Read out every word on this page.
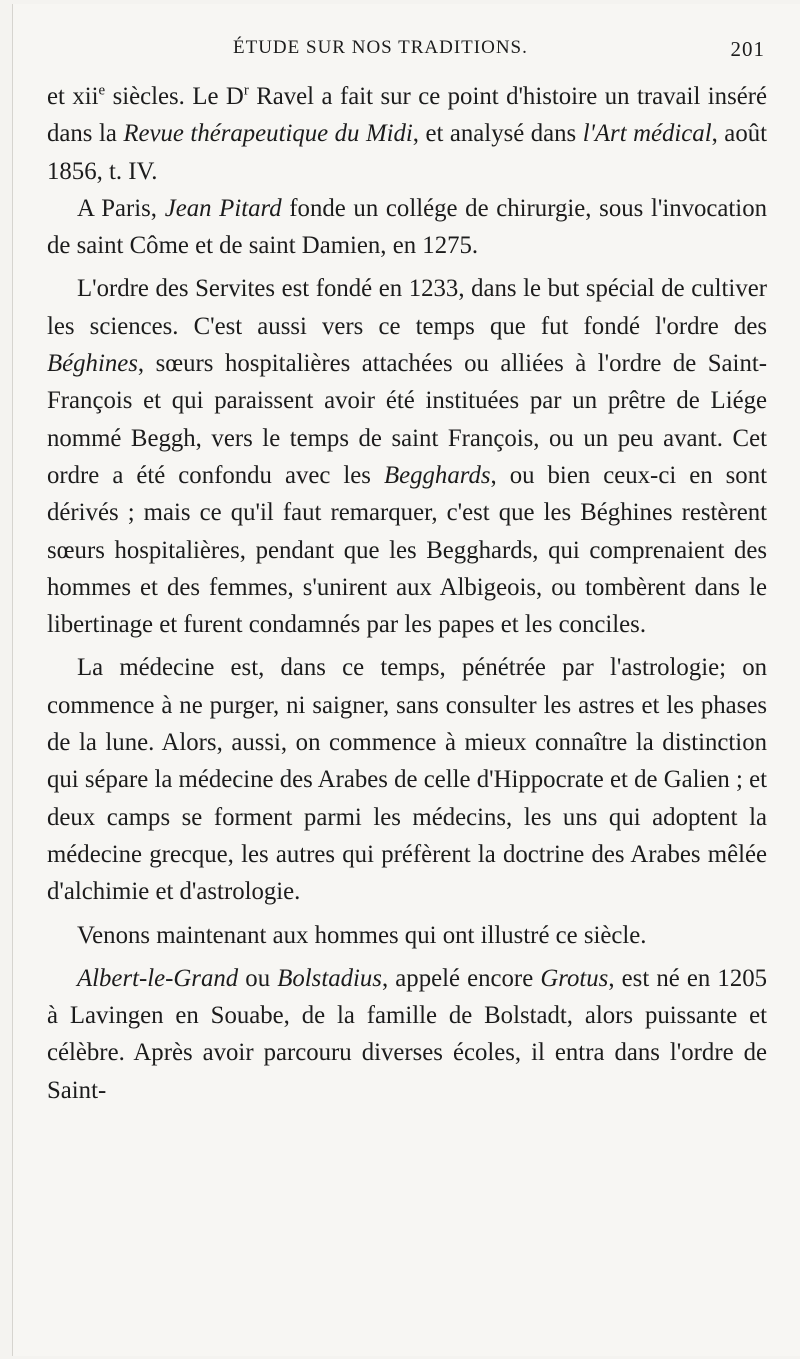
ÉTUDE SUR NOS TRADITIONS.	201

et xii$^e$ siècles. Le $D^r$ Ravel a fait sur ce point d'histoire un travail inséré dans la Revue thérapeutique du Midi, et analysé dans l'Art médical, août 1856, t. IV.

A Paris, Jean Pitard fonde un collége de chirurgie, sous l'invocation de saint Côme et de saint Damien, en 1275.

L'ordre des Servites est fondé en 1233, dans le but spécial de cultiver les sciences. C'est aussi vers ce temps que fut fondé l'ordre des Béghines, sœurs hospitalières attachées ou alliées à l'ordre de Saint-François et qui paraissent avoir été instituées par un prêtre de Liége nommé Beggh, vers le temps de saint François, ou un peu avant. Cet ordre a été confondu avec les Begghards, ou bien ceux-ci en sont dérivés ; mais ce qu'il faut remarquer, c'est que les Béghines restèrent sœurs hospitalières, pendant que les Begghards, qui comprenaient des hommes et des femmes, s'unirent aux Albigeois, ou tombèrent dans le libertinage et furent condamnés par les papes et les conciles.

La médecine est, dans ce temps, pénétrée par l'astrologie; on commence à ne purger, ni saigner, sans consulter les astres et les phases de la lune. Alors, aussi, on commence à mieux connaître la distinction qui sépare la médecine des Arabes de celle d'Hippocrate et de Galien ; et deux camps se forment parmi les médecins, les uns qui adoptent la médecine grecque, les autres qui préfèrent la doctrine des Arabes mêlée d'alchimie et d'astrologie.

Venons maintenant aux hommes qui ont illustré ce siècle.

Albert-le-Grand ou Bolstadius, appelé encore Grotus, est né en 1205 à Lavingen en Souabe, de la famille de Bolstadt, alors puissante et célèbre. Après avoir parcouru diverses écoles, il entra dans l'ordre de Saint-
